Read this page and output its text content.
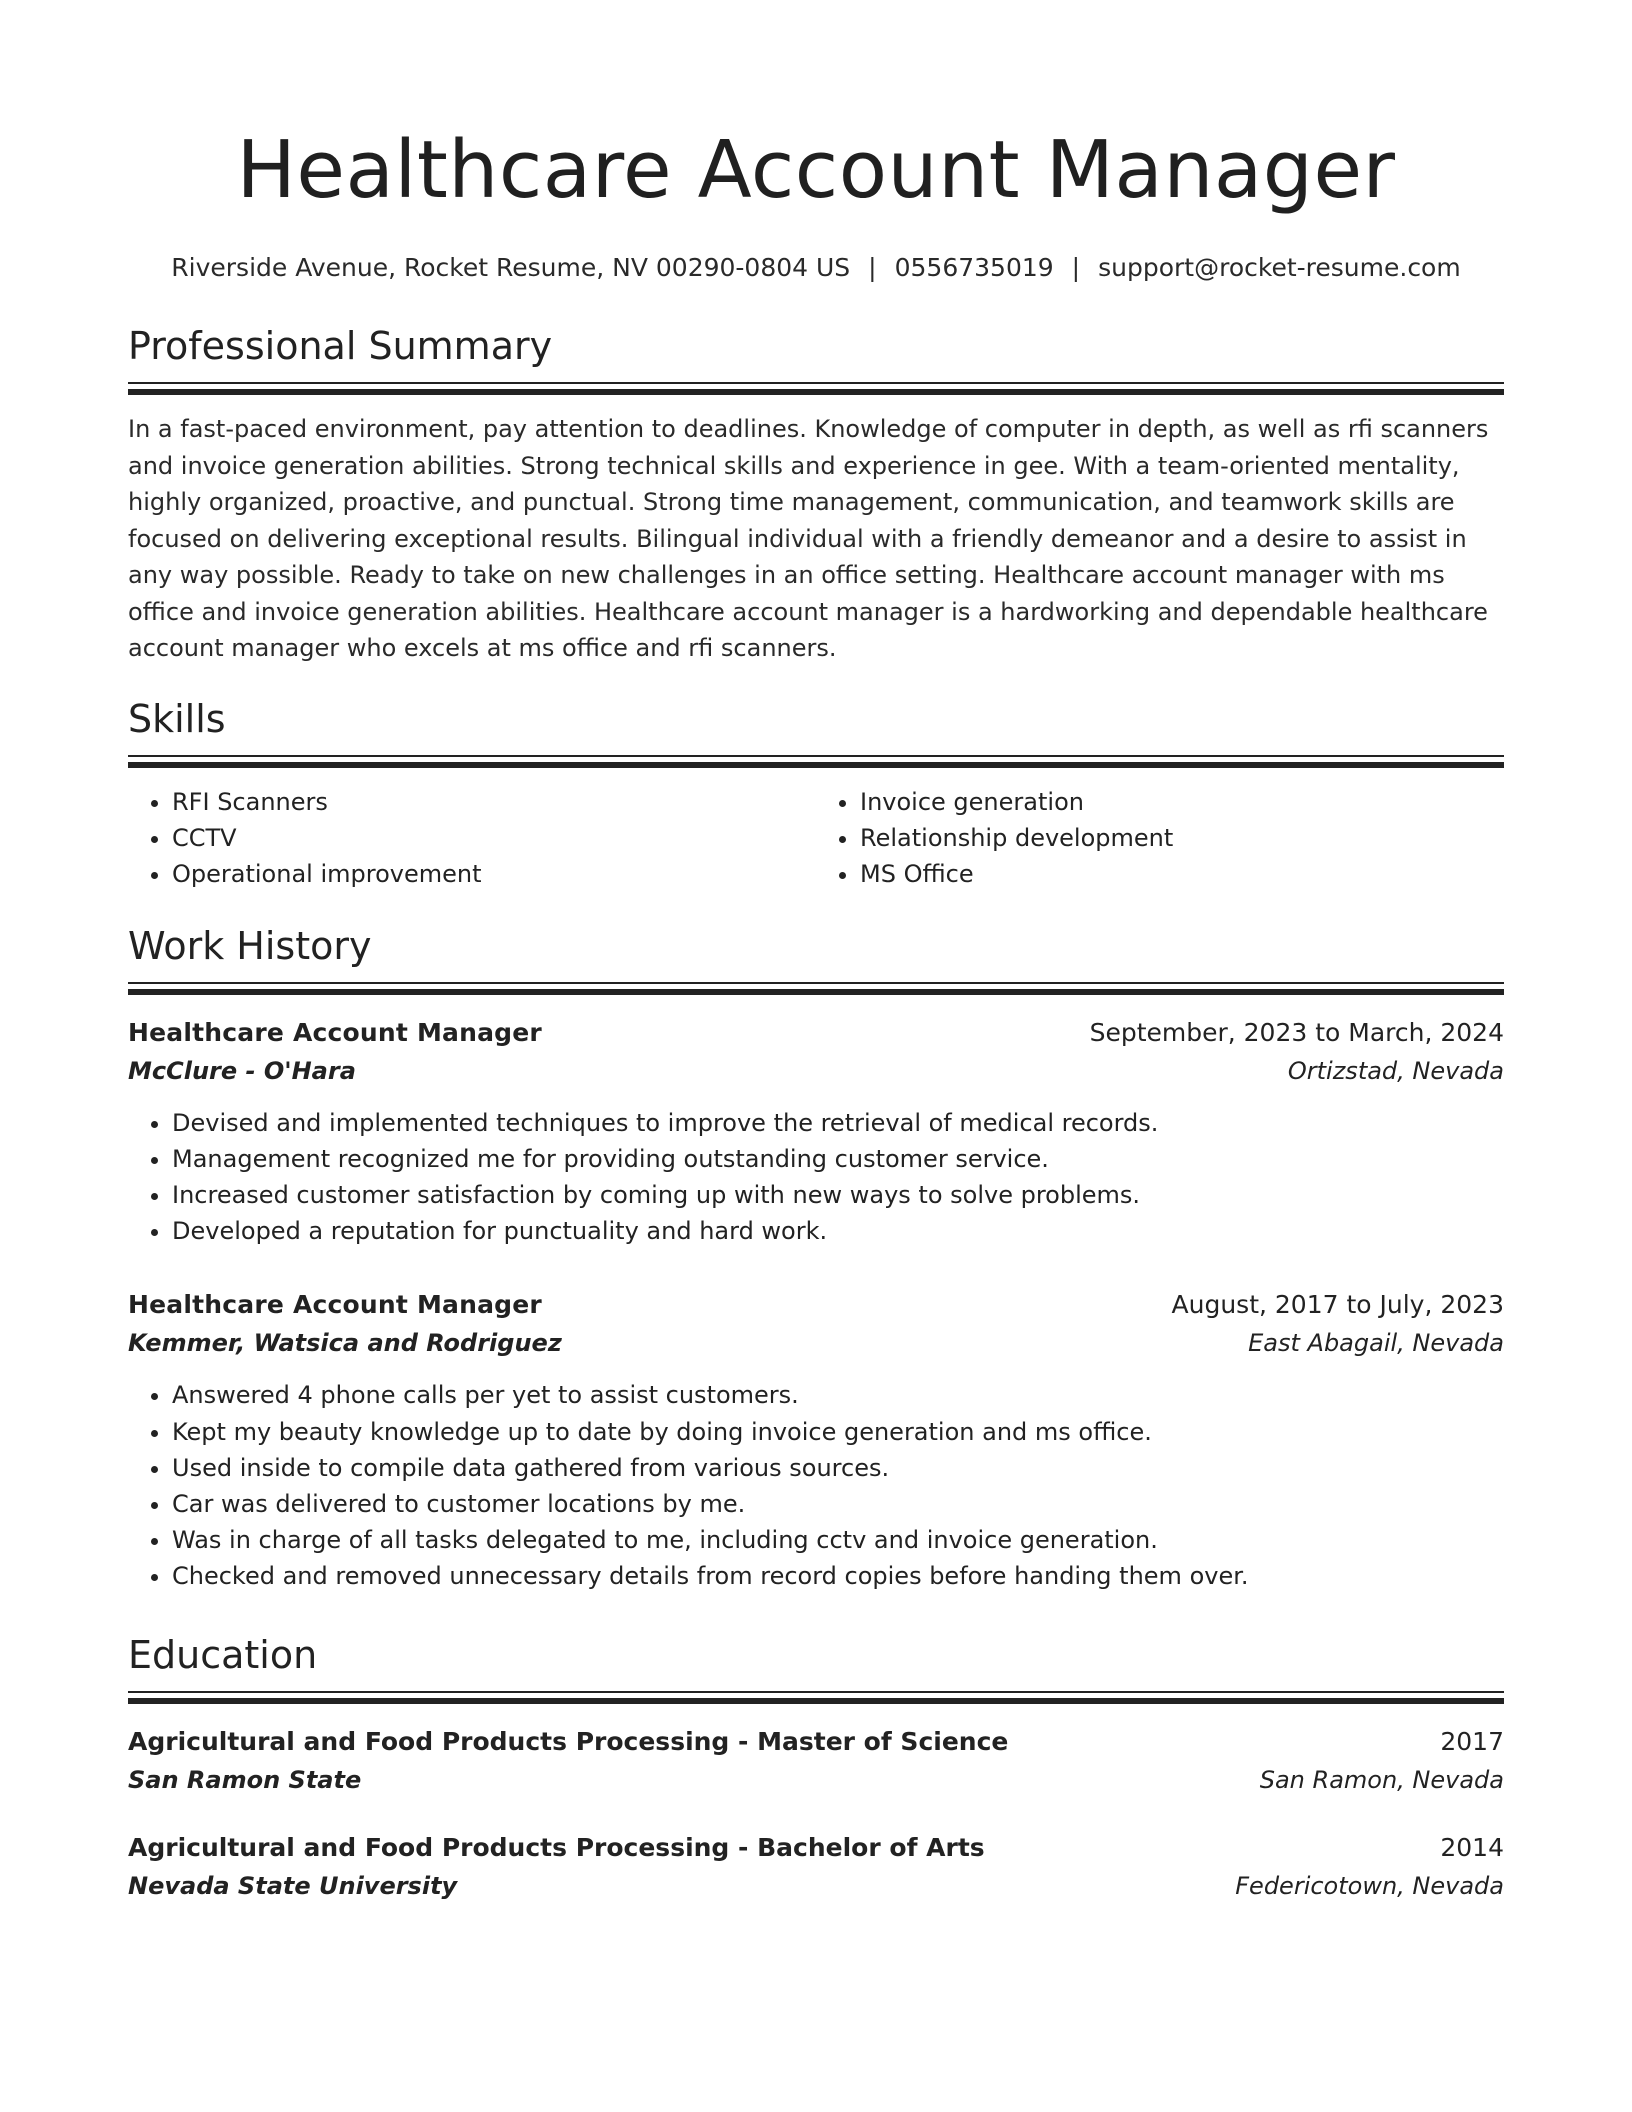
Healthcare Account Manager
Riverside Avenue, Rocket Resume, NV 00290-0804 US | 0556735019 | support@rocket-resume.com
Professional Summary

In a fast-paced environment, pay attention to deadlines. Knowledge of computer in depth, as well as rfi scanners and invoice generation abilities. Strong technical skills and experience in gee. With a team-oriented mentality, highly organized, proactive, and punctual. Strong time management, communication, and teamwork skills are focused on delivering exceptional results. Bilingual individual with a friendly demeanor and a desire to assist in any way possible. Ready to take on new challenges in an office setting. Healthcare account manager with ms office and invoice generation abilities. Healthcare account manager is a hardworking and dependable healthcare account manager who excels at ms office and rfi scanners.

Skills
• RFI Scanners
• CCTV
• Operational improvement
• Invoice generation
• Relationship development
• MS Office
Work History
Healthcare Account Manager	September, 2023 to March, 2024
McClure - O'Hara	Ortizstad, Nevada
• Devised and implemented techniques to improve the retrieval of medical records.
• Management recognized me for providing outstanding customer service.
• Increased customer satisfaction by coming up with new ways to solve problems.
• Developed a reputation for punctuality and hard work.
Healthcare Account Manager	August, 2017 to July, 2023
Kemmer, Watsica and Rodriguez	East Abagail, Nevada
• Answered 4 phone calls per yet to assist customers.
• Kept my beauty knowledge up to date by doing invoice generation and ms office.
• Used inside to compile data gathered from various sources.
• Car was delivered to customer locations by me.
• Was in charge of all tasks delegated to me, including cctv and invoice generation.
• Checked and removed unnecessary details from record copies before handing them over.
Education
Agricultural and Food Products Processing - Master of Science	2017
San Ramon State	San Ramon, Nevada
Agricultural and Food Products Processing - Bachelor of Arts	2014
Nevada State University	Federicotown, Nevada
